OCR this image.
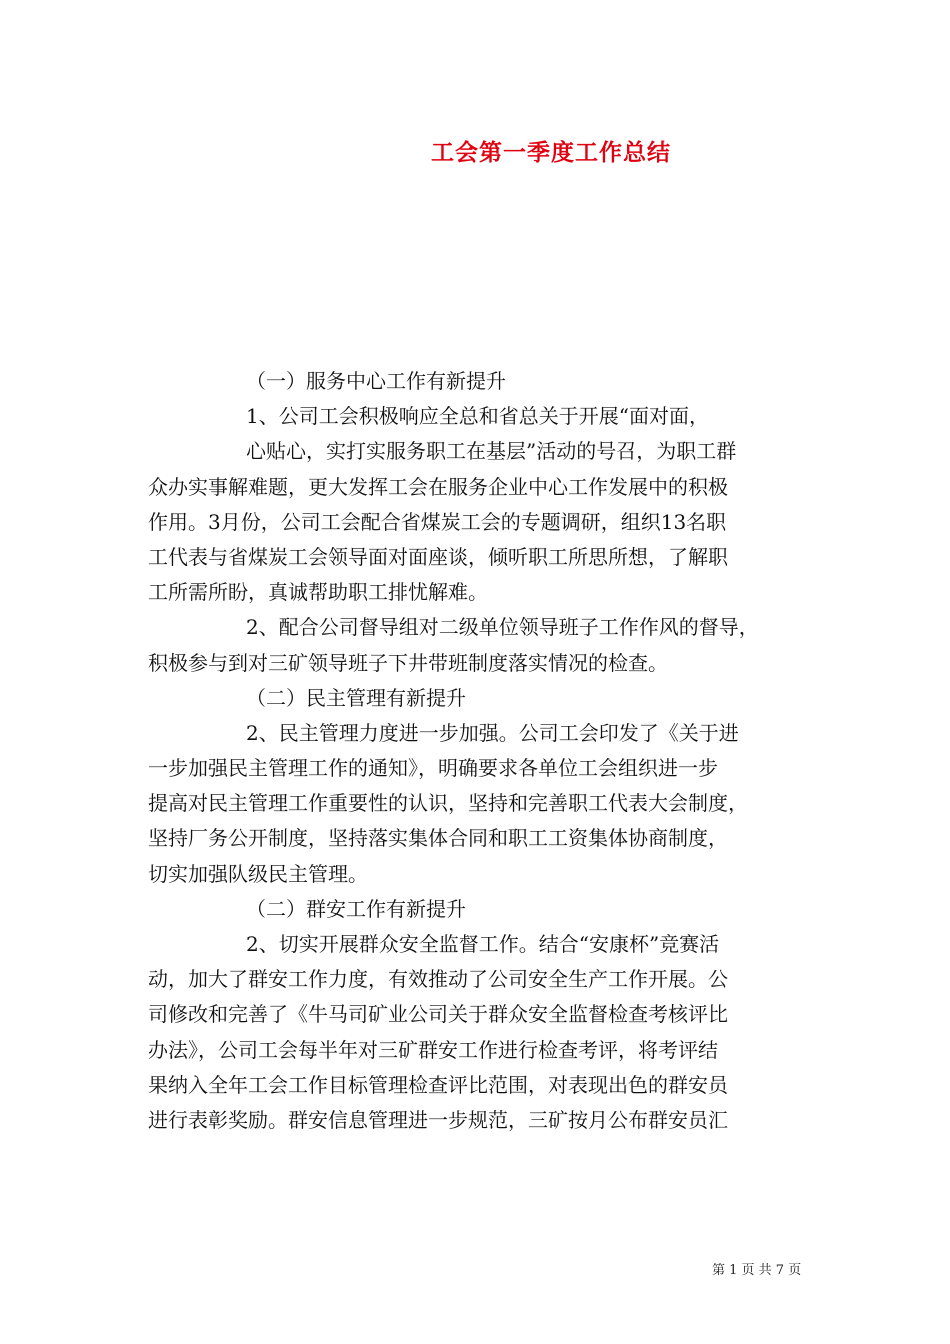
工会第一季度工作总结
（一）服务中心工作有新提升
1、公司工会积极响应全总和省总关于开展“面对面，
心贴心，实打实服务职工在基层”活动的号召，为职工群
众办实事解难题，更大发挥工会在服务企业中心工作发展中的积极
作用。3月份，公司工会配合省煤炭工会的专题调研，组织13名职
工代表与省煤炭工会领导面对面座谈，倾听职工所思所想，了解职
工所需所盼，真诚帮助职工排忧解难。
2、配合公司督导组对二级单位领导班子工作作风的督导，
积极参与到对三矿领导班子下井带班制度落实情况的检查。
（二）民主管理有新提升
2、民主管理力度进一步加强。公司工会印发了《关于进
一步加强民主管理工作的通知》，明确要求各单位工会组织进一步
提高对民主管理工作重要性的认识，坚持和完善职工代表大会制度，
坚持厂务公开制度，坚持落实集体合同和职工工资集体协商制度，
切实加强队级民主管理。
（二）群安工作有新提升
2、切实开展群众安全监督工作。结合“安康杯”竞赛活
动，加大了群安工作力度，有效推动了公司安全生产工作开展。公
司修改和完善了《牛马司矿业公司关于群众安全监督检查考核评比
办法》，公司工会每半年对三矿群安工作进行检查考评，将考评结
果纳入全年工会工作目标管理检查评比范围，对表现出色的群安员
进行表彰奖励。群安信息管理进一步规范，三矿按月公布群安员汇
第 1 页 共 7 页
